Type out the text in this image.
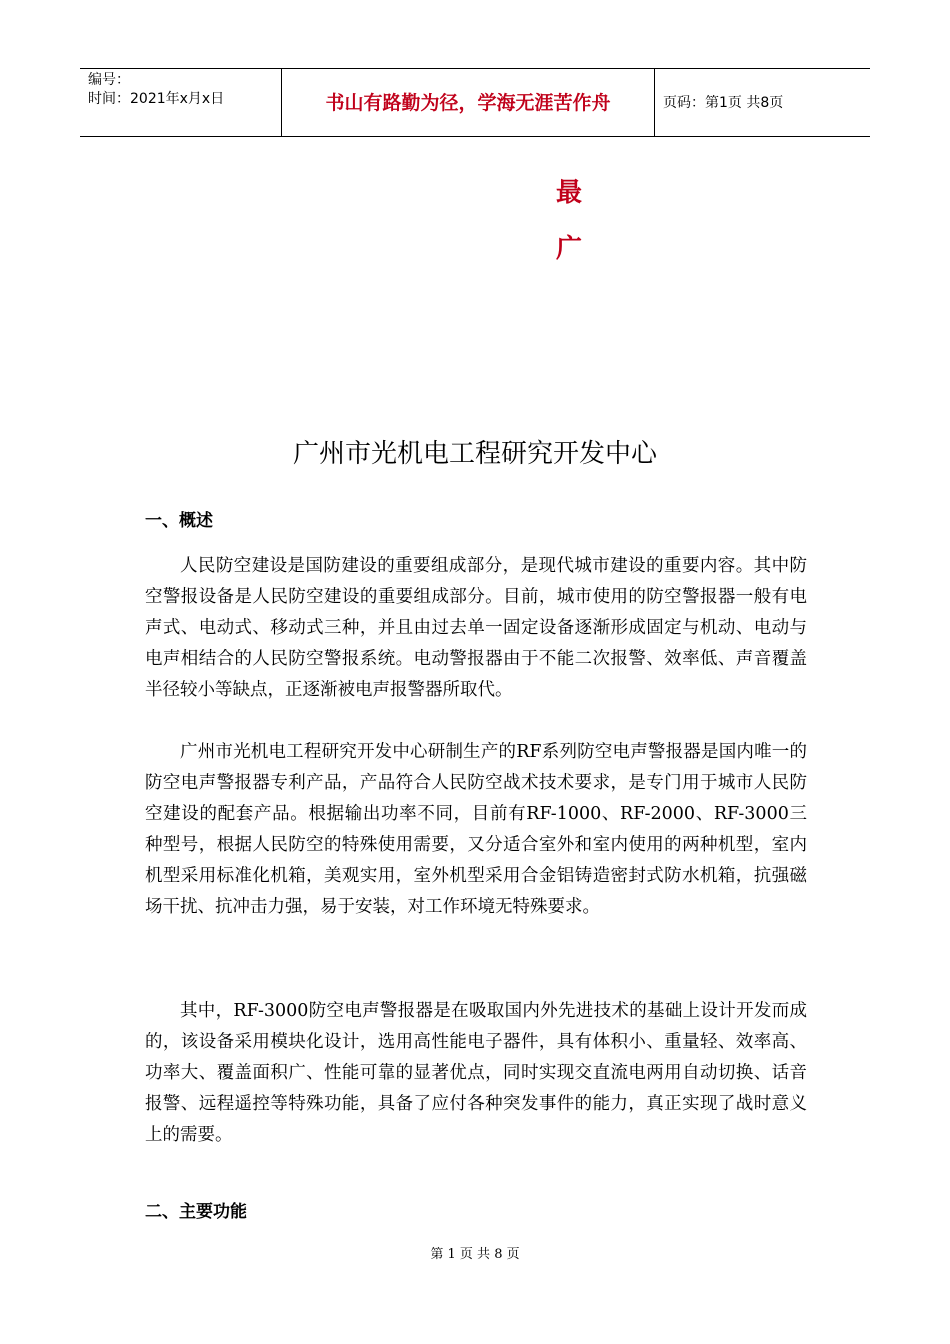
编号：
时间：2021年x月x日	书山有路勤为径，学海无涯苦作舟	页码：第1页 共8页
最
广
广州市光机电工程研究开发中心
一、概述
人民防空建设是国防建设的重要组成部分，是现代城市建设的重要内容。其中防空警报设备是人民防空建设的重要组成部分。目前，城市使用的防空警报器一般有电声式、电动式、移动式三种，并且由过去单一固定设备逐渐形成固定与机动、电动与电声相结合的人民防空警报系统。电动警报器由于不能二次报警、效率低、声音覆盖半径较小等缺点，正逐渐被电声报警器所取代。
广州市光机电工程研究开发中心研制生产的RF系列防空电声警报器是国内唯一的防空电声警报器专利产品，产品符合人民防空战术技术要求，是专门用于城市人民防空建设的配套产品。根据输出功率不同，目前有RF-1000、RF-2000、RF-3000三种型号，根据人民防空的特殊使用需要，又分适合室外和室内使用的两种机型，室内机型采用标准化机箱，美观实用，室外机型采用合金铝铸造密封式防水机箱，抗强磁场干扰、抗冲击力强，易于安装，对工作环境无特殊要求。
其中，RF-3000防空电声警报器是在吸取国内外先进技术的基础上设计开发而成的，该设备采用模块化设计，选用高性能电子器件，具有体积小、重量轻、效率高、功率大、覆盖面积广、性能可靠的显著优点，同时实现交直流电两用自动切换、话音报警、远程遥控等特殊功能，具备了应付各种突发事件的能力，真正实现了战时意义上的需要。
二、主要功能
第 1 页 共 8 页
